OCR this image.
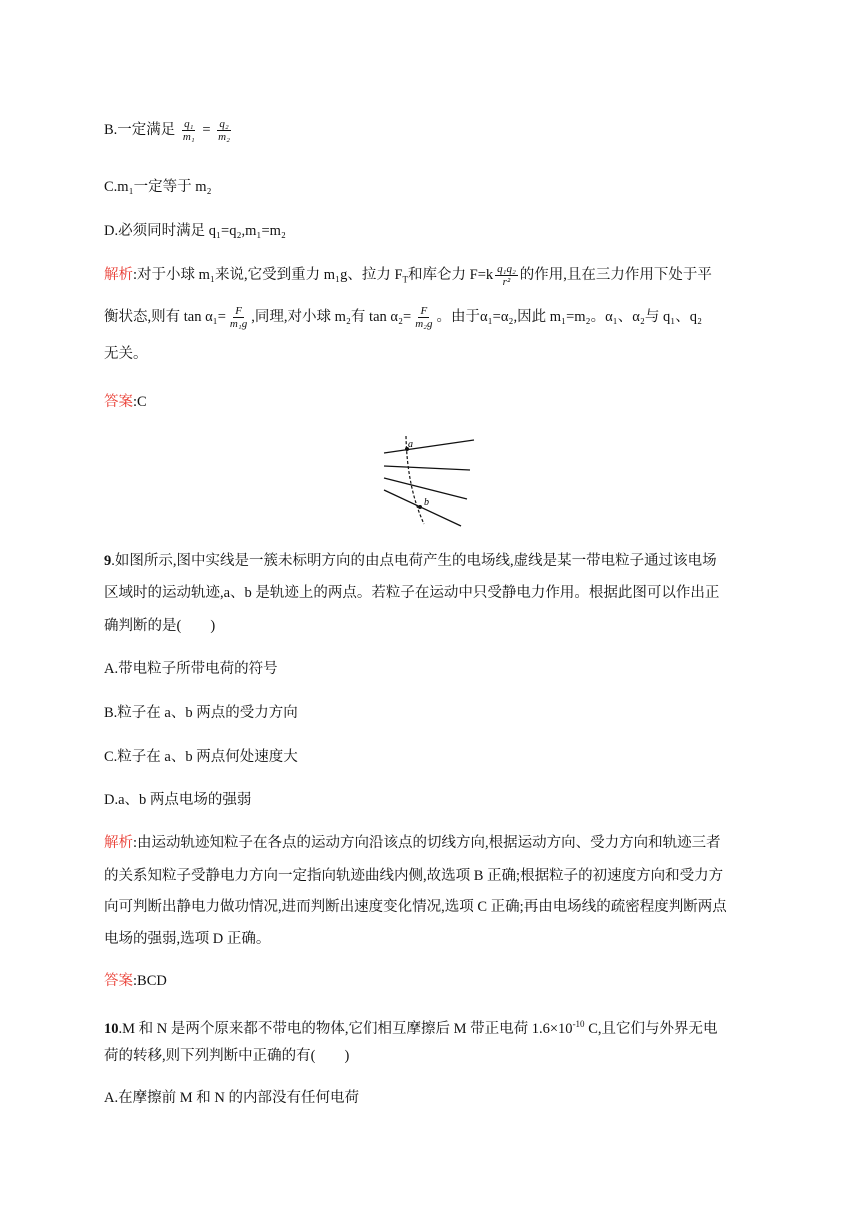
B.一定满足 $\frac{\text{q₁}}{\text{m₁}} = \frac{\text{q₂}}{\text{m₂}}$
C.m₁一定等于 m₂
D.必须同时满足 q₁=q₂,m₁=m₂
解析:对于小球 m₁来说,它受到重力 m₁g、拉力 $F_T$和库仑力 $F=k \frac{\text{q₁q₂}}{\text{r²}}$ 的作用,且在三力作用下处于平
衡状态,则有 $\tan \alpha_1= \frac{F}{\text{m₁g}}$ ,同理,对小球 m₂有 $\tan \alpha_2= \frac{F}{\text{m₂g}}$ 。由于α₁=α₂,因此 m₁=m₂。α₁、α₂与 q₁、q₂
无关。
答案:C
a
b
9.如图所示,图中实线是一簇未标明方向的由点电荷产生的电场线,虚线是某一带电粒子通过该电场
区域时的运动轨迹,a、b 是轨迹上的两点。若粒子在运动中只受静电力作用。根据此图可以作出正
确判断的是(　　)
A.带电粒子所带电荷的符号
B.粒子在 a、b 两点的受力方向
C.粒子在 a、b 两点何处速度大
D.a、b 两点电场的强弱
解析:由运动轨迹知粒子在各点的运动方向沿该点的切线方向,根据运动方向、受力方向和轨迹三者
的关系知粒子受静电力方向一定指向轨迹曲线内侧,故选项 B 正确;根据粒子的初速度方向和受力方
向可判断出静电力做功情况,进而判断出速度变化情况,选项 C 正确;再由电场线的疏密程度判断两点
电场的强弱,选项 D 正确。
答案:BCD
10.M 和 N 是两个原来都不带电的物体,它们相互摩擦后 M 带正电荷 $1.6\times 10^{-10}$ C,且它们与外界无电
荷的转移,则下列判断中正确的有(　　)
A.在摩擦前 M 和 N 的内部没有任何电荷
